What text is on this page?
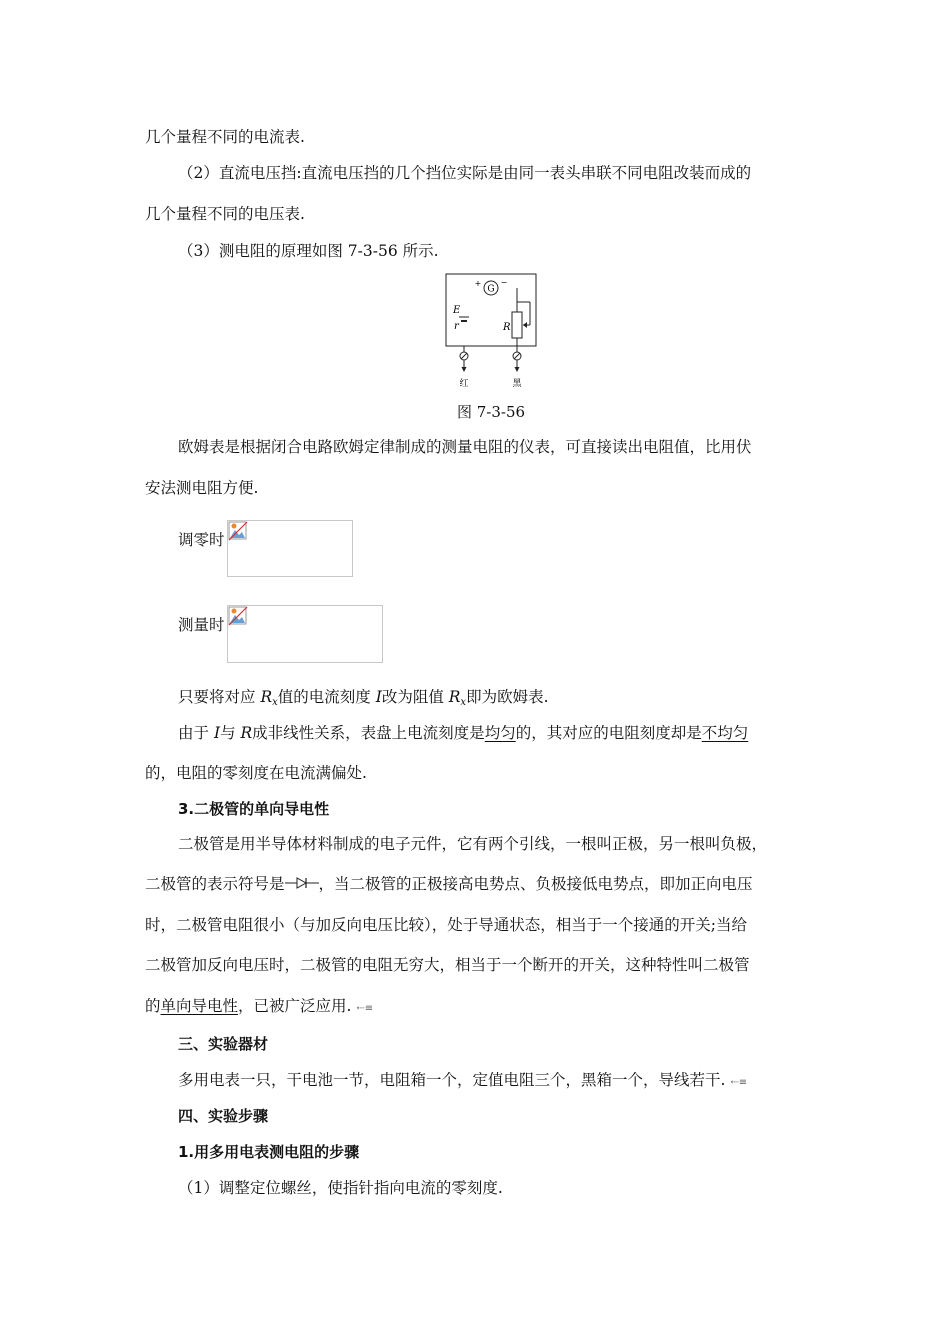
几个量程不同的电流表.
（2）直流电压挡:直流电压挡的几个挡位实际是由同一表头串联不同电阻改装而成的
几个量程不同的电压表.
（3）测电阻的原理如图 7-3-56 所示.
G
+ −
E
r	R
红	黑
图 7-3-56
欧姆表是根据闭合电路欧姆定律制成的测量电阻的仪表，可直接读出电阻值，比用伏
安法测电阻方便.
调零时
测量时
只要将对应 $R_x$值的电流刻度 I改为阻值 $R_x$即为欧姆表.
由于 I与 R成非线性关系，表盘上电流刻度是均匀的，其对应的电阻刻度却是不均匀
的，电阻的零刻度在电流满偏处.
3.二极管的单向导电性
二极管是用半导体材料制成的电子元件，它有两个引线，一根叫正极，另一根叫负极，
二极管的表示符号是 ，当二极管的正极接高电势点、负极接低电势点，即加正向电压
时，二极管电阻很小（与加反向电压比较），处于导通状态，相当于一个接通的开关;当给
二极管加反向电压时，二极管的电阻无穷大，相当于一个断开的开关，这种特性叫二极管
的单向导电性，已被广泛应用. ⇠≡
三、实验器材
多用电表一只，干电池一节，电阻箱一个，定值电阻三个，黑箱一个，导线若干. ⇠≡
四、实验步骤
1.用多用电表测电阻的步骤
（1）调整定位螺丝，使指针指向电流的零刻度.
